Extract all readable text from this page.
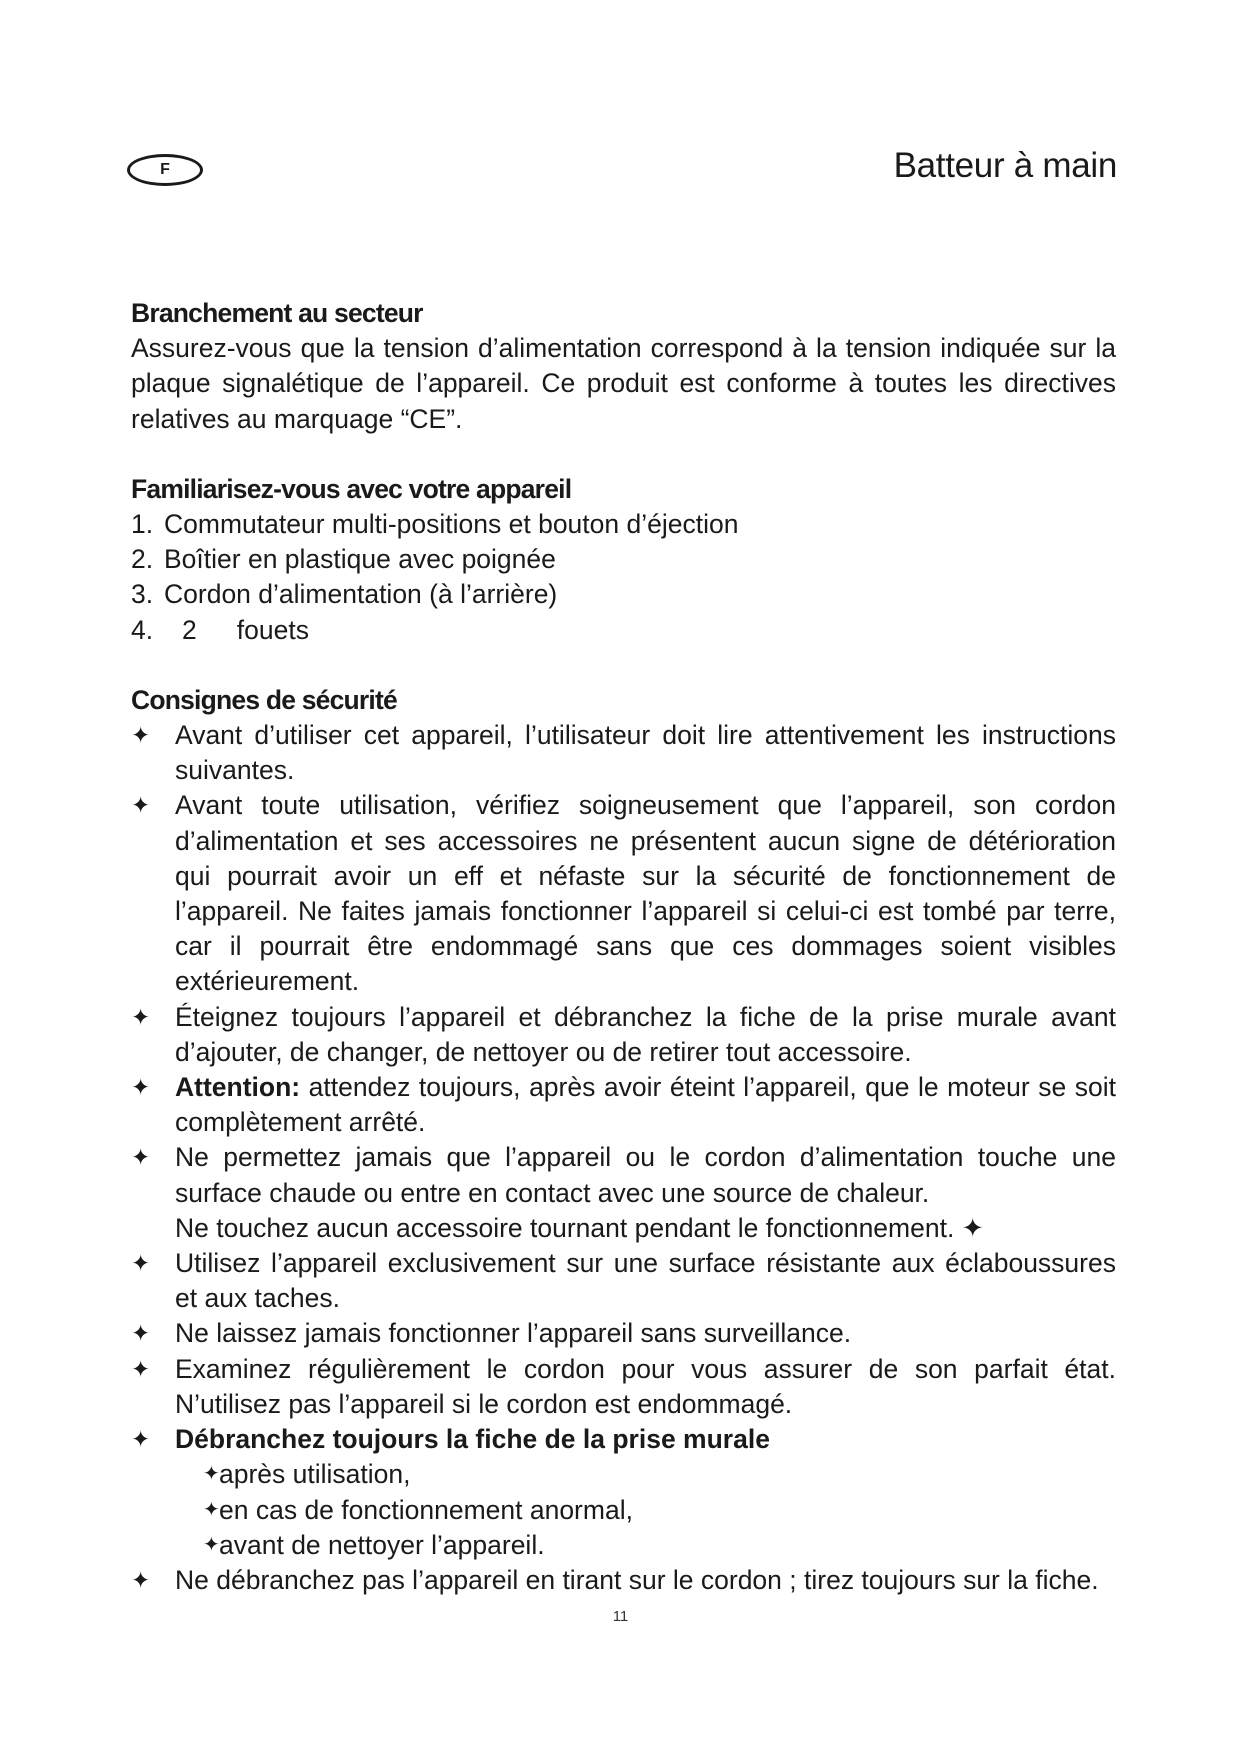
F	Batteur à main
Branchement au secteur

Assurez-vous que la tension d’alimentation correspond à la tension indiquée sur la plaque signalétique de l’appareil. Ce produit est conforme à toutes les directives relatives au marquage “CE”.

Familiarisez-vous avec votre appareil
1. Commutateur multi-positions et bouton d’éjection
2. Boîtier en plastique avec poignée
3. Cordon d’alimentation (à l’arrière)
4.	2 fouets
Consignes de sécurité
✦ Avant d’utiliser cet appareil, l’utilisateur doit lire attentivement les instructions suivantes.
✦ Avant toute utilisation, vérifiez soigneusement que l’appareil, son cordon d’alimentation et ses accessoires ne présentent aucun signe de détérioration qui pourrait avoir un eff et néfaste sur la sécurité de fonctionnement de l’appareil. Ne faites jamais fonctionner l’appareil si celui-ci est tombé par terre, car il pourrait être endommagé sans que ces dommages soient visibles extérieurement.
✦ Éteignez toujours l’appareil et débranchez la fiche de la prise murale avant d’ajouter, de changer, de nettoyer ou de retirer tout accessoire.
✦ Attention: attendez toujours, après avoir éteint l’appareil, que le moteur se soit complètement arrêté.
✦ Ne permettez jamais que l’appareil ou le cordon d’alimentation touche une surface chaude ou entre en contact avec une source de chaleur.
Ne touchez aucun accessoire tournant pendant le fonctionnement. ✦
✦ Utilisez l’appareil exclusivement sur une surface résistante aux éclaboussures et aux taches.
✦ Ne laissez jamais fonctionner l’appareil sans surveillance.
✦ Examinez régulièrement le cordon pour vous assurer de son parfait état. N’utilisez pas l’appareil si le cordon est endommagé.
✦ Débranchez toujours la fiche de la prise murale
✦ après utilisation,
✦ en cas de fonctionnement anormal,
✦ avant de nettoyer l’appareil.
✦ Ne débranchez pas l’appareil en tirant sur le cordon ; tirez toujours sur la fiche.
11
